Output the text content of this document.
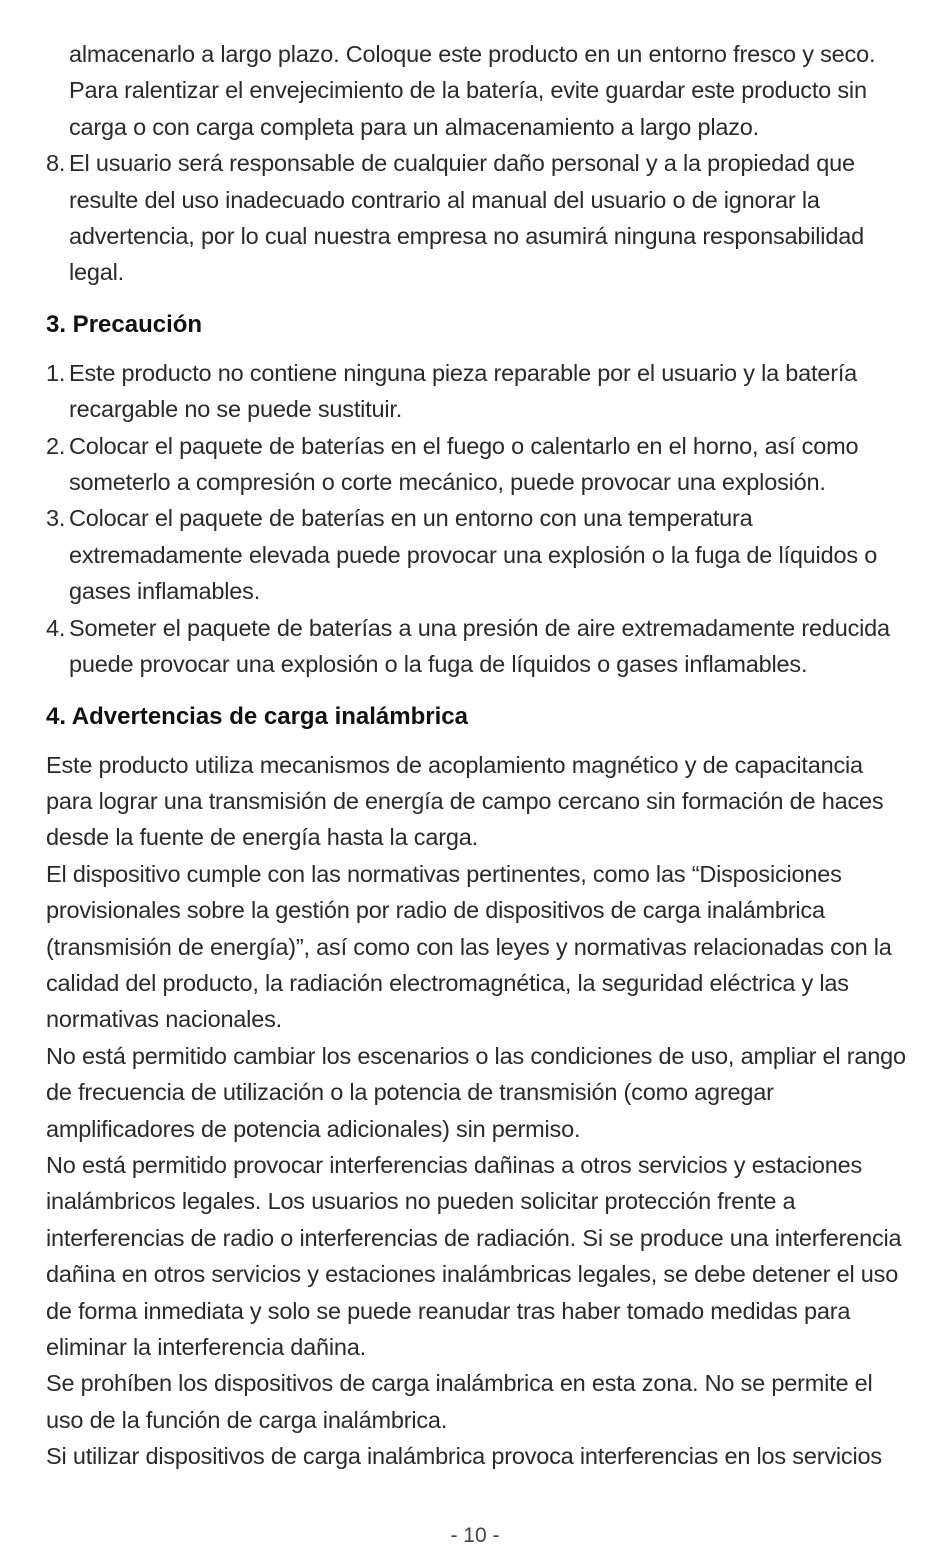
almacenarlo a largo plazo. Coloque este producto en un entorno fresco y seco. Para ralentizar el envejecimiento de la batería, evite guardar este producto sin carga o con carga completa para un almacenamiento a largo plazo.

8. El usuario será responsable de cualquier daño personal y a la propiedad que resulte del uso inadecuado contrario al manual del usuario o de ignorar la advertencia, por lo cual nuestra empresa no asumirá ninguna responsabilidad legal.
3. Precaución
1. Este producto no contiene ninguna pieza reparable por el usuario y la batería recargable no se puede sustituir.
2. Colocar el paquete de baterías en el fuego o calentarlo en el horno, así como someterlo a compresión o corte mecánico, puede provocar una explosión.
3. Colocar el paquete de baterías en un entorno con una temperatura extremadamente elevada puede provocar una explosión o la fuga de líquidos o gases inflamables.
4. Someter el paquete de baterías a una presión de aire extremadamente reducida puede provocar una explosión o la fuga de líquidos o gases inflamables.
4. Advertencias de carga inalámbrica

Este producto utiliza mecanismos de acoplamiento magnético y de capacitancia para lograr una transmisión de energía de campo cercano sin formación de haces desde la fuente de energía hasta la carga.

El dispositivo cumple con las normativas pertinentes, como las “Disposiciones provisionales sobre la gestión por radio de dispositivos de carga inalámbrica (transmisión de energía)”, así como con las leyes y normativas relacionadas con la calidad del producto, la radiación electromagnética, la seguridad eléctrica y las normativas nacionales.

No está permitido cambiar los escenarios o las condiciones de uso, ampliar el rango de frecuencia de utilización o la potencia de transmisión (como agregar amplificadores de potencia adicionales) sin permiso.

No está permitido provocar interferencias dañinas a otros servicios y estaciones inalámbricos legales. Los usuarios no pueden solicitar protección frente a interferencias de radio o interferencias de radiación. Si se produce una interferencia dañina en otros servicios y estaciones inalámbricas legales, se debe detener el uso de forma inmediata y solo se puede reanudar tras haber tomado medidas para eliminar la interferencia dañina.

Se prohíben los dispositivos de carga inalámbrica en esta zona. No se permite el uso de la función de carga inalámbrica.

Si utilizar dispositivos de carga inalámbrica provoca interferencias en los servicios

- 10 -
